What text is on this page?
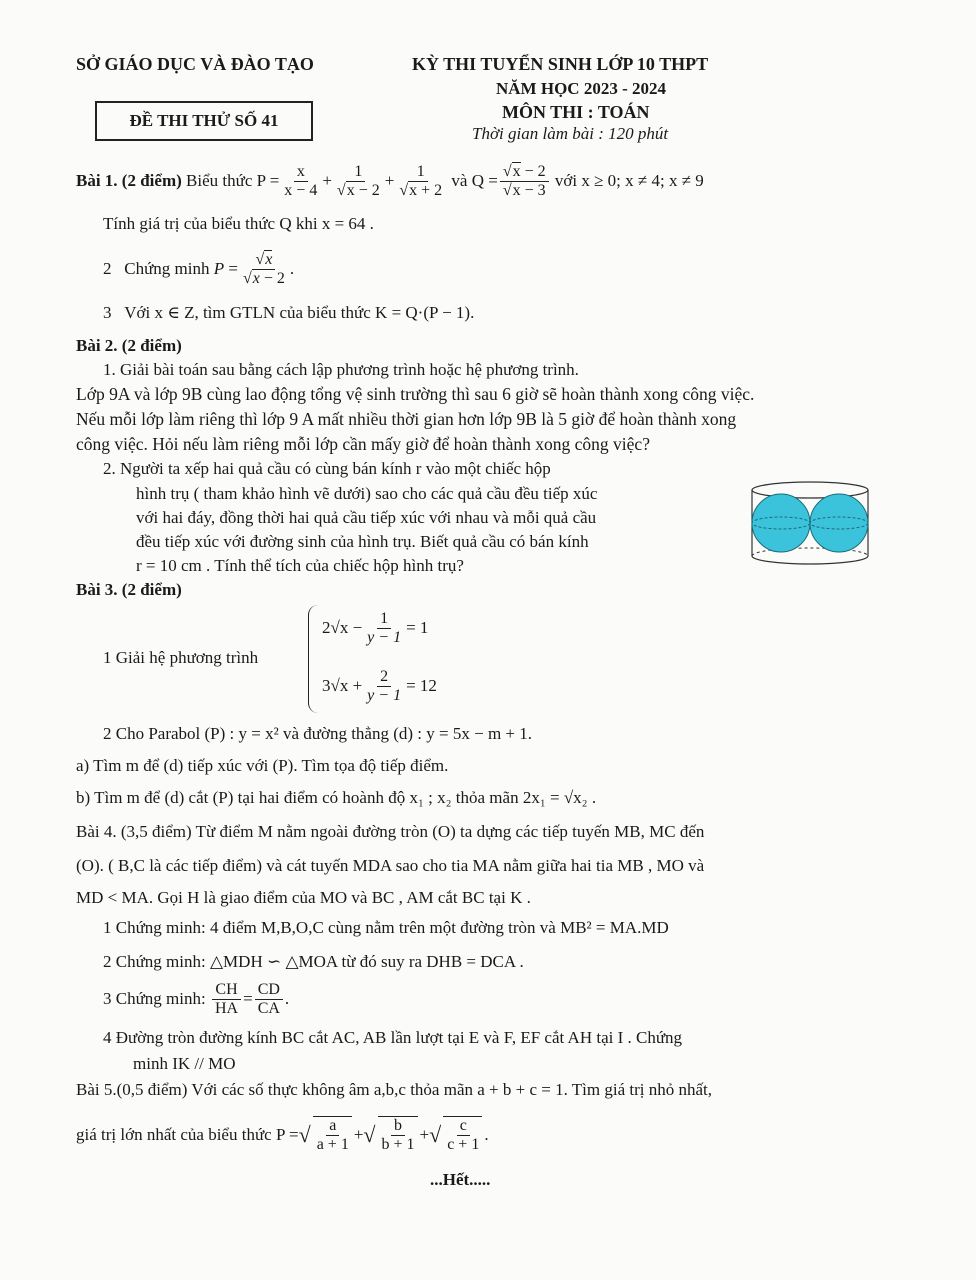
SỞ GIÁO DỤC VÀ ĐÀO TẠO	KỲ THI TUYỂN SINH LỚP 10 THPT
NĂM HỌC 2023 - 2024
MÔN THI : TOÁN
Thời gian làm bài : 120 phút
ĐỀ THI THỬ SỐ 41
Bài 1. (2 điểm)
Biểu thức $P = \frac{x}{x - 4} + 1$
√ x − 2 + 1
√ x + 2
và Q = √ x − 2
√ x − 3
với x ≥ 0; x ≠ 4; x ≠ 9
Tính giá trị của biểu thức Q khi x = 64 .
2 Chứng minh
P = √ x
√ x − 2 .
3   Với x ∈ Z, tìm GTLN của biểu thức K = Q·(P − 1).
Bài 2. (2 điểm)
1. Giải bài toán sau bằng cách lập phương trình hoặc hệ phương trình.
Lớp 9A và lớp 9B cùng lao động tổng vệ sinh trường thì sau 6 giờ sẽ hoàn thành xong công việc.
Nếu mỗi lớp làm riêng thì lớp 9 A mất nhiều thời gian hơn lớp 9B là 5 giờ để hoàn thành xong
công việc. Hỏi nếu làm riêng mỗi lớp cần mấy giờ để hoàn thành xong công việc?
2. Người ta xếp hai quả cầu có cùng bán kính r vào một chiếc hộp
hình trụ ( tham khảo hình vẽ dưới) sao cho các quả cầu đều tiếp xúc
với hai đáy, đồng thời hai quả cầu tiếp xúc với nhau và mỗi quả cầu
đều tiếp xúc với đường sinh của hình trụ. Biết quả cầu có bán kính
r = 10 cm . Tính thể tích của chiếc hộp hình trụ?
Bài 3. (2 điểm)
1 Giải hệ phương trình
$2√x - \frac{1}{y - 1} = 1$
$3√x + \frac{2}{y - 1} = 12$
2 Cho Parabol (P) : y = x² và đường thẳng (d) : y = 5x − m + 1.
a) Tìm m để (d) tiếp xúc với (P). Tìm tọa độ tiếp điểm.
b) Tìm m để (d) cắt (P) tại hai điểm có hoành độ x₁ ; x₂ thỏa mãn 2x₁ = √x₂ .
Bài 4. (3,5 điểm) Từ điểm M nằm ngoài đường tròn (O) ta dựng các tiếp tuyến MB, MC đến
(O). ( B,C là các tiếp điểm) và cát tuyến MDA sao cho tia MA nằm giữa hai tia MB , MO và
MD < MA. Gọi H là giao điểm của MO và BC , AM cắt BC tại K .
1 Chứng minh: 4 điểm M,B,O,C cùng nằm trên một đường tròn và MB² = MA.MD
2 Chứng minh: △MDH ∽ △MOA từ đó suy ra DHB = DCA .
3 Chứng minh:
$\frac{CH}{HA} = \frac{CD}{CA}$ .
4 Đường tròn đường kính BC cắt AC, AB lần lượt tại E và F, EF cắt AH tại I . Chứng
minh IK // MO
Bài 5.(0,5 điểm) Với các số thực không âm a,b,c thỏa mãn a + b + c = 1. Tìm giá trị nhỏ nhất,
giá trị lớn nhất của biểu thức P = √ $\frac{a}{a + 1}$ + √ $\frac{b}{b + 1}$ + √ $\frac{c}{c + 1}$ .
...Hết.....
